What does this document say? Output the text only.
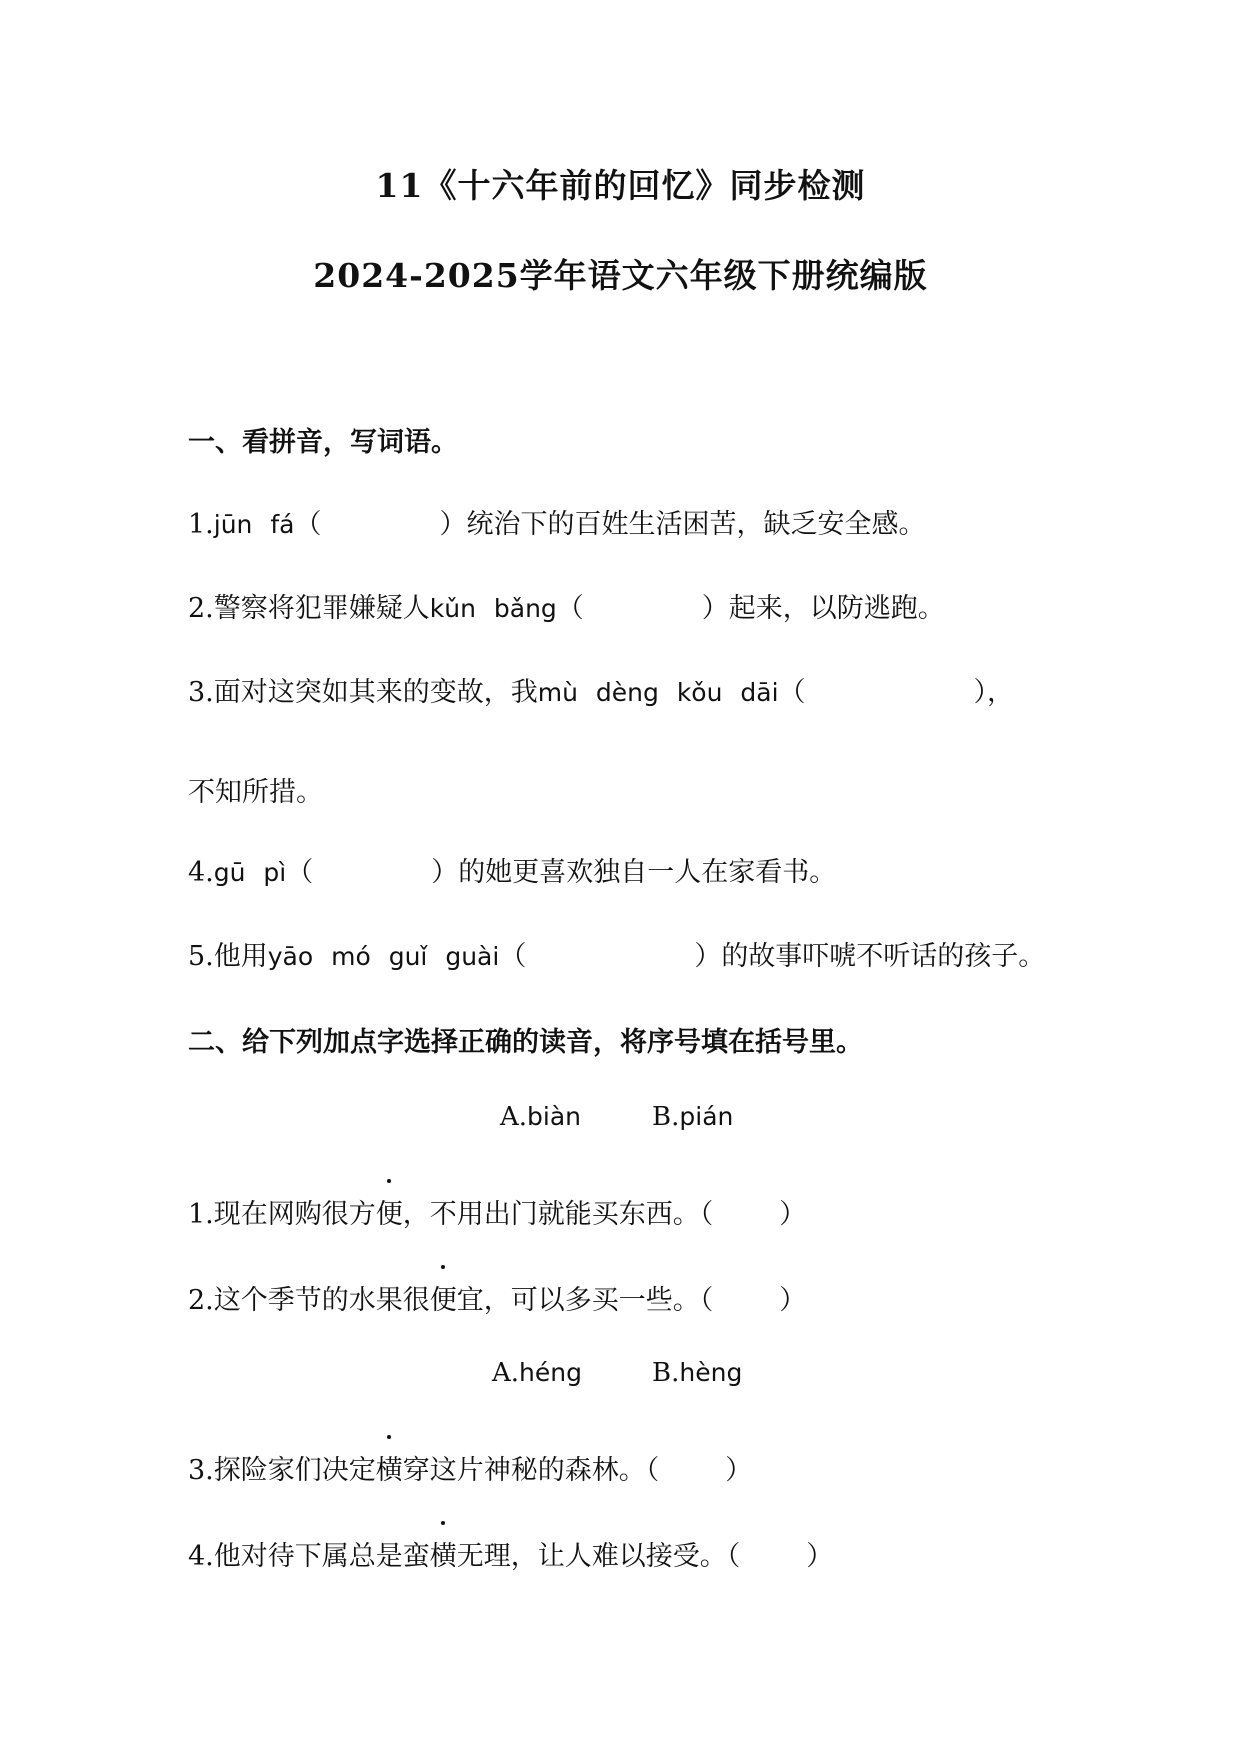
11《十六年前的回忆》同步检测
2024-2025学年语文六年级下册统编版
一、看拼音，写词语。
1.jūn fá（	）统治下的百姓生活困苦，缺乏安全感。
2.警察将犯罪嫌疑人kǔn bǎng（	）起来，以防逃跑。
3.面对这突如其来的变故，我mù dèng kǒu dāi（	），
不知所措。
4.gū pì（	）的她更喜欢独自一人在家看书。
5.他用yāo mó guǐ guài（	）的故事吓唬不听话的孩子。
二、给下列加点字选择正确的读音，将序号填在括号里。
A.biàn	B.pián
1.现在网购很方便，不用出门就能买东西。（ ）
2.这个季节的水果很便宜，可以多买一些。（ ）
A.héng	B.hèng
3.探险家们决定横穿这片神秘的森林。（ ）
4.他对待下属总是蛮横无理，让人难以接受。（ ）
